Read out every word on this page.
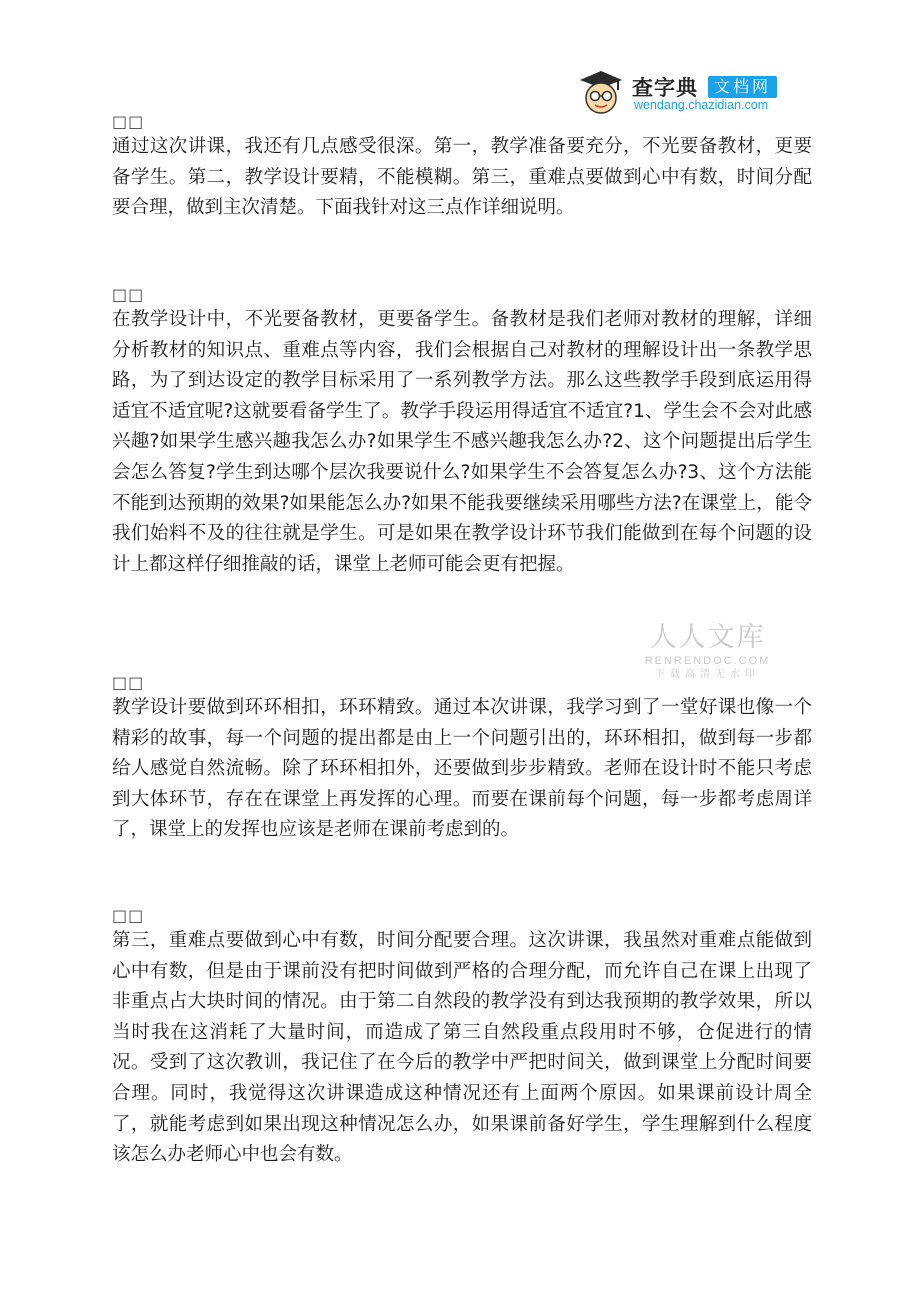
查字典	文档网
wendang.chazidian.com
人人文库
RENRENDOC.COM
下载高清无水印
□□
通过这次讲课，我还有几点感受很深。第一，教学准备要充分，不光要备教材，更要备学生。第二，教学设计要精，不能模糊。第三，重难点要做到心中有数，时间分配要合理，做到主次清楚。下面我针对这三点作详细说明。
□□
在教学设计中，不光要备教材，更要备学生。备教材是我们老师对教材的理解，详细分析教材的知识点、重难点等内容，我们会根据自己对教材的理解设计出一条教学思路，为了到达设定的教学目标采用了一系列教学方法。那么这些教学手段到底运用得适宜不适宜呢?这就要看备学生了。教学手段运用得适宜不适宜?1、学生会不会对此感兴趣?如果学生感兴趣我怎么办?如果学生不感兴趣我怎么办?2、这个问题提出后学生会怎么答复?学生到达哪个层次我要说什么?如果学生不会答复怎么办?3、这个方法能不能到达预期的效果?如果能怎么办?如果不能我要继续采用哪些方法?在课堂上，能令我们始料不及的往往就是学生。可是如果在教学设计环节我们能做到在每个问题的设计上都这样仔细推敲的话，课堂上老师可能会更有把握。
□□
教学设计要做到环环相扣，环环精致。通过本次讲课，我学习到了一堂好课也像一个精彩的故事，每一个问题的提出都是由上一个问题引出的，环环相扣，做到每一步都给人感觉自然流畅。除了环环相扣外，还要做到步步精致。老师在设计时不能只考虑到大体环节，存在在课堂上再发挥的心理。而要在课前每个问题，每一步都考虑周详了，课堂上的发挥也应该是老师在课前考虑到的。
□□
第三，重难点要做到心中有数，时间分配要合理。这次讲课，我虽然对重难点能做到心中有数，但是由于课前没有把时间做到严格的合理分配，而允许自己在课上出现了非重点占大块时间的情况。由于第二自然段的教学没有到达我预期的教学效果，所以当时我在这消耗了大量时间，而造成了第三自然段重点段用时不够，仓促进行的情况。受到了这次教训，我记住了在今后的教学中严把时间关，做到课堂上分配时间要合理。同时，我觉得这次讲课造成这种情况还有上面两个原因。如果课前设计周全了，就能考虑到如果出现这种情况怎么办，如果课前备好学生，学生理解到什么程度该怎么办老师心中也会有数。
